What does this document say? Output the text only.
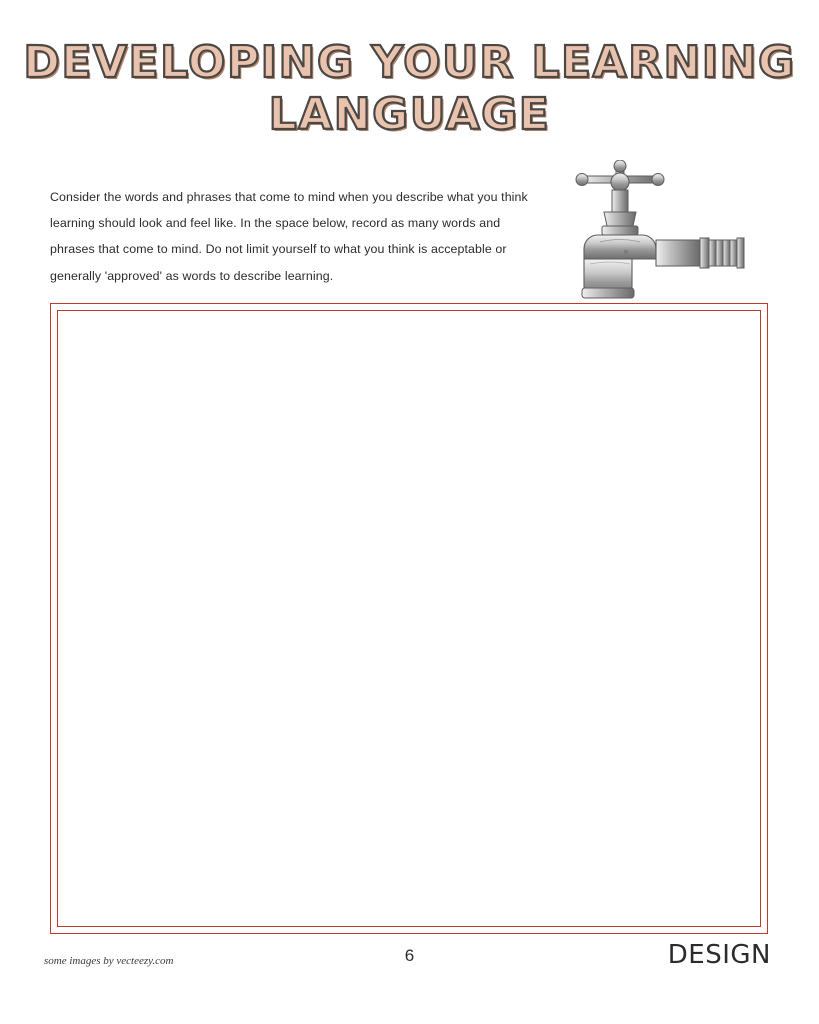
DEVELOPING YOUR LEARNING
LANGUAGE

Consider the words and phrases that come to mind when you describe what you think learning should look and feel like. In the space below, record as many words and phrases that come to mind. Do not limit yourself to what you think is acceptable or generally 'approved' as words to describe learning.

some images by vecteezy.com	6	DESIGN
